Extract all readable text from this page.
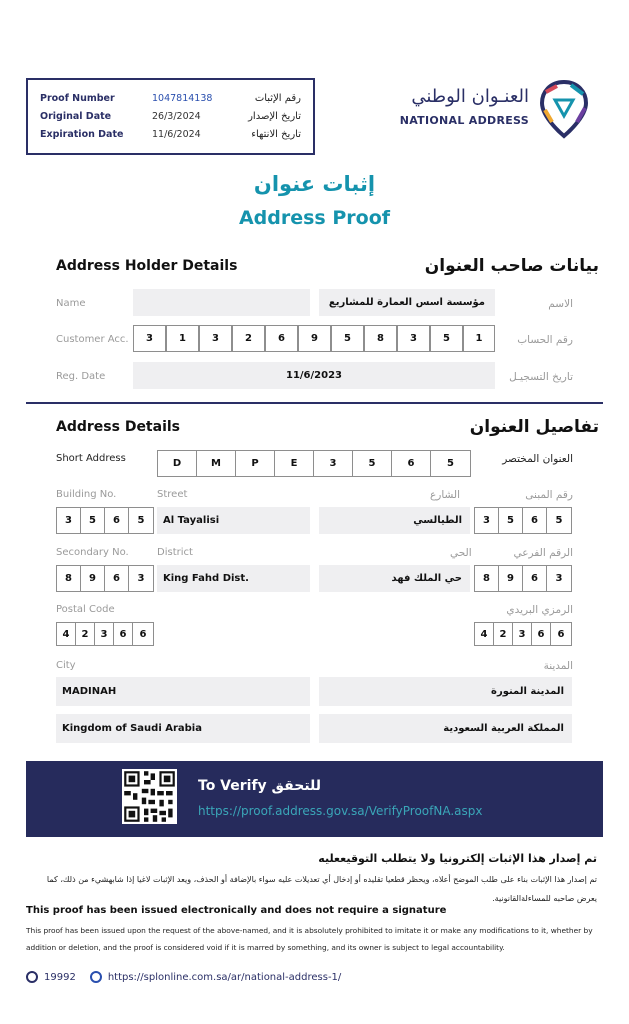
Proof Number	1047814138	رقم الإثبات
Original Date	26/3/2024	تاريخ الإصدار
Expiration Date	11/6/2024	تاريخ الانتهاء
العنـوان الوطني
NATIONAL ADDRESS
إثبات عنوان
Address Proof
Address Holder Details	بيانات صاحب العنوان
Name	مؤسسة اسس العمارة للمشاريع	الاسم
Customer Acc.	3	1	3	2	6	9	5	8	3	5	1	رقم الحساب
Reg. Date	11/6/2023	تاريخ التسجيـل
Address Details	تفاصيل العنوان
Short Address	العنوان المختصر
D	M	P	E	3	5	6	5
Building No.	Street	الشارع	رقم المبنى
3	5	6	5	Al Tayalisi	الطيالسي	3	5	6	5
Secondary No.	District	الحي	الرقم الفرعي
8	9	6	3	King Fahd Dist.	حي الملك فهد	8	9	6	3
Postal Code	الرمزي البريدي
4	2	3	6	6	4	2	3	6	6
City	المدينة
MADINAH	المدينة المنورة
Kingdom of Saudi Arabia	المملكة العربية السعودية
To Verify للتحقق
https://proof.address.gov.sa/VerifyProofNA.aspx
تم إصدار هذا الإثبات إلكترونيا ولا يتطلب التوقيععليه
تم إصدار هذا الإثبات بناء على طلب الموضح أعلاه، ويحظر قطعيا تقليده أو إدخال أي تعديلات عليه سواء بالإضافة أو الحذف، ويعد الإثبات لاغيا إذا شابهشيء من ذلك، كما يعرض صاحبه للمساءلةالقانونية.
This proof has been issued electronically and does not require a signature
This proof has been issued upon the request of the above-named, and it is absolutely prohibited to imitate it or make any modifications to it, whether by addition or deletion, and the proof is considered void if it is marred by something, and its owner is subject to legal accountability.
19992	https://splonline.com.sa/ar/national-address-1/
